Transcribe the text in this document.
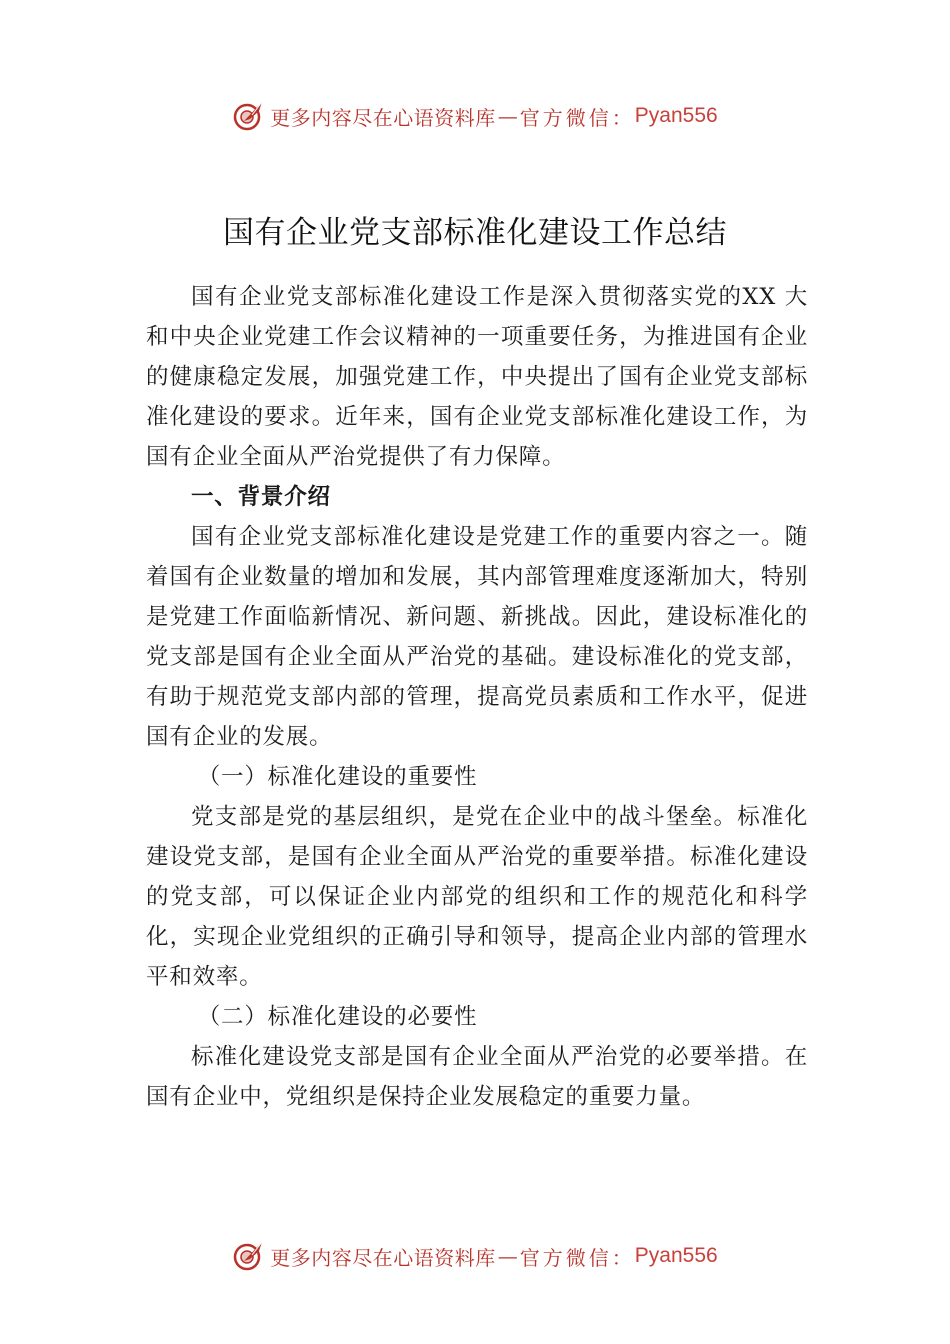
更多内容尽在心语资料库 — 官方微信： Pyan556
国有企业党支部标准化建设工作总结

国有企业党支部标准化建设工作是深入贯彻落实党的XX 大和中央企业党建工作会议精神的一项重要任务，为推进国有企业的健康稳定发展，加强党建工作，中央提出了国有企业党支部标准化建设的要求。近年来，国有企业党支部标准化建设工作，为国有企业全面从严治党提供了有力保障。

一、背景介绍

国有企业党支部标准化建设是党建工作的重要内容之一。随着国有企业数量的增加和发展，其内部管理难度逐渐加大，特别是党建工作面临新情况、新问题、新挑战。因此，建设标准化的党支部是国有企业全面从严治党的基础。建设标准化的党支部，有助于规范党支部内部的管理，提高党员素质和工作水平，促进国有企业的发展。

（一）标准化建设的重要性

党支部是党的基层组织，是党在企业中的战斗堡垒。标准化建设党支部，是国有企业全面从严治党的重要举措。标准化建设的党支部，可以保证企业内部党的组织和工作的规范化和科学化，实现企业党组织的正确引导和领导，提高企业内部的管理水平和效率。

（二）标准化建设的必要性

标准化建设党支部是国有企业全面从严治党的必要举措。在国有企业中，党组织是保持企业发展稳定的重要力量。

更多内容尽在心语资料库 — 官方微信： Pyan556
